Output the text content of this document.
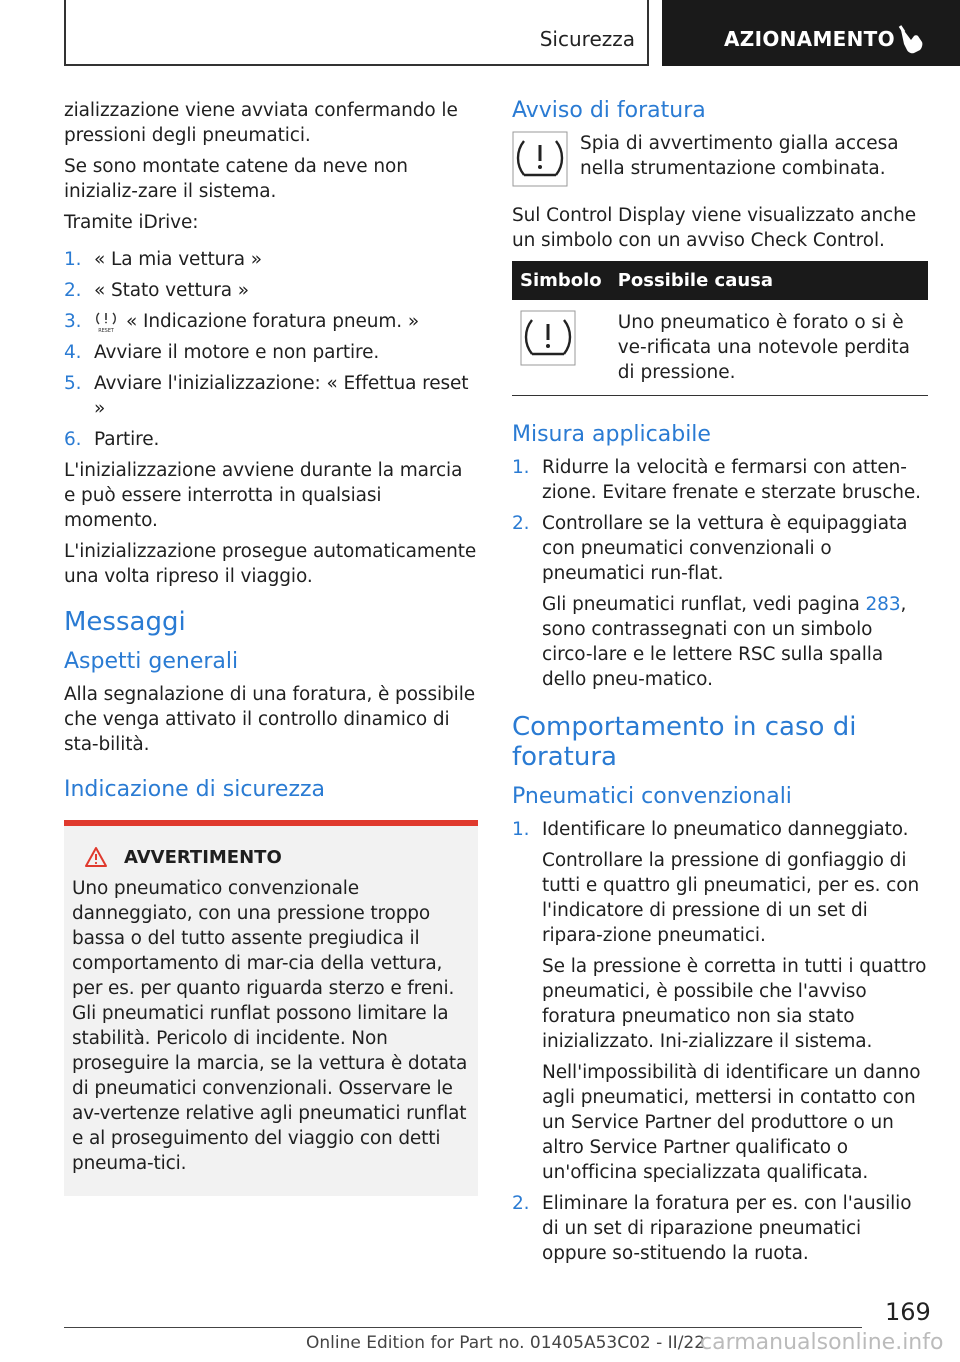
Sicurezza	AZIONAMENTO

zializzazione viene avviata confermando le pressioni degli pneumatici.

Se sono montate catene da neve non inizializ-zare il sistema.

Tramite iDrive:

1. « La mia vettura »
2. « Stato vettura »
3.	RESET « Indicazione foratura pneum. »
4. Avviare il motore e non partire.
5. Avviare l'inizializzazione: « Effettua reset »
6. Partire.

L'inizializzazione avviene durante la marcia e può essere interrotta in qualsiasi momento.

L'inizializzazione prosegue automaticamente una volta ripreso il viaggio.

Messaggi
Aspetti generali

Alla segnalazione di una foratura, è possibile che venga attivato il controllo dinamico di sta-bilità.

Indicazione di sicurezza
AVVERTIMENTO

Uno pneumatico convenzionale danneggiato, con una pressione troppo bassa o del tutto assente pregiudica il comportamento di mar-cia della vettura, per es. per quanto riguarda sterzo e freni. Gli pneumatici runflat possono limitare la stabilità. Pericolo di incidente. Non proseguire la marcia, se la vettura è dotata di pneumatici convenzionali. Osservare le av-vertenze relative agli pneumatici runflat e al proseguimento del viaggio con detti pneuma-tici.

Avviso di foratura

Spia di avvertimento gialla accesa nella strumentazione combinata.

Sul Control Display viene visualizzato anche un simbolo con un avviso Check Control.

Simbolo	Possibile causa
	Uno pneumatico è forato o si è ve-rificata una notevole perdita di pressione.
Misura applicabile
1. Ridurre la velocità e fermarsi con atten-zione. Evitare frenate e sterzate brusche.
2. Controllare se la vettura è equipaggiata con pneumatici convenzionali o pneumatici run-flat.
Gli pneumatici runflat, vedi pagina 283, sono contrassegnati con un simbolo circo-lare e le lettere RSC sulla spalla dello pneu-matico.
Comportamento in caso di foratura
Pneumatici convenzionali
1. Identificare lo pneumatico danneggiato.
Controllare la pressione di gonfiaggio di tutti e quattro gli pneumatici, per es. con l'indicatore di pressione di un set di ripara-zione pneumatici.
Se la pressione è corretta in tutti i quattro pneumatici, è possibile che l'avviso foratura pneumatico non sia stato inizializzato. Ini-zializzare il sistema.
Nell'impossibilità di identificare un danno agli pneumatici, mettersi in contatto con un Service Partner del produttore o un altro Service Partner qualificato o un'officina specializzata qualificata.
2. Eliminare la foratura per es. con l'ausilio di un set di riparazione pneumatici oppure so-stituendo la ruota.
169
Online Edition for Part no. 01405A53C02 - II/22
carmanualsonline.info
